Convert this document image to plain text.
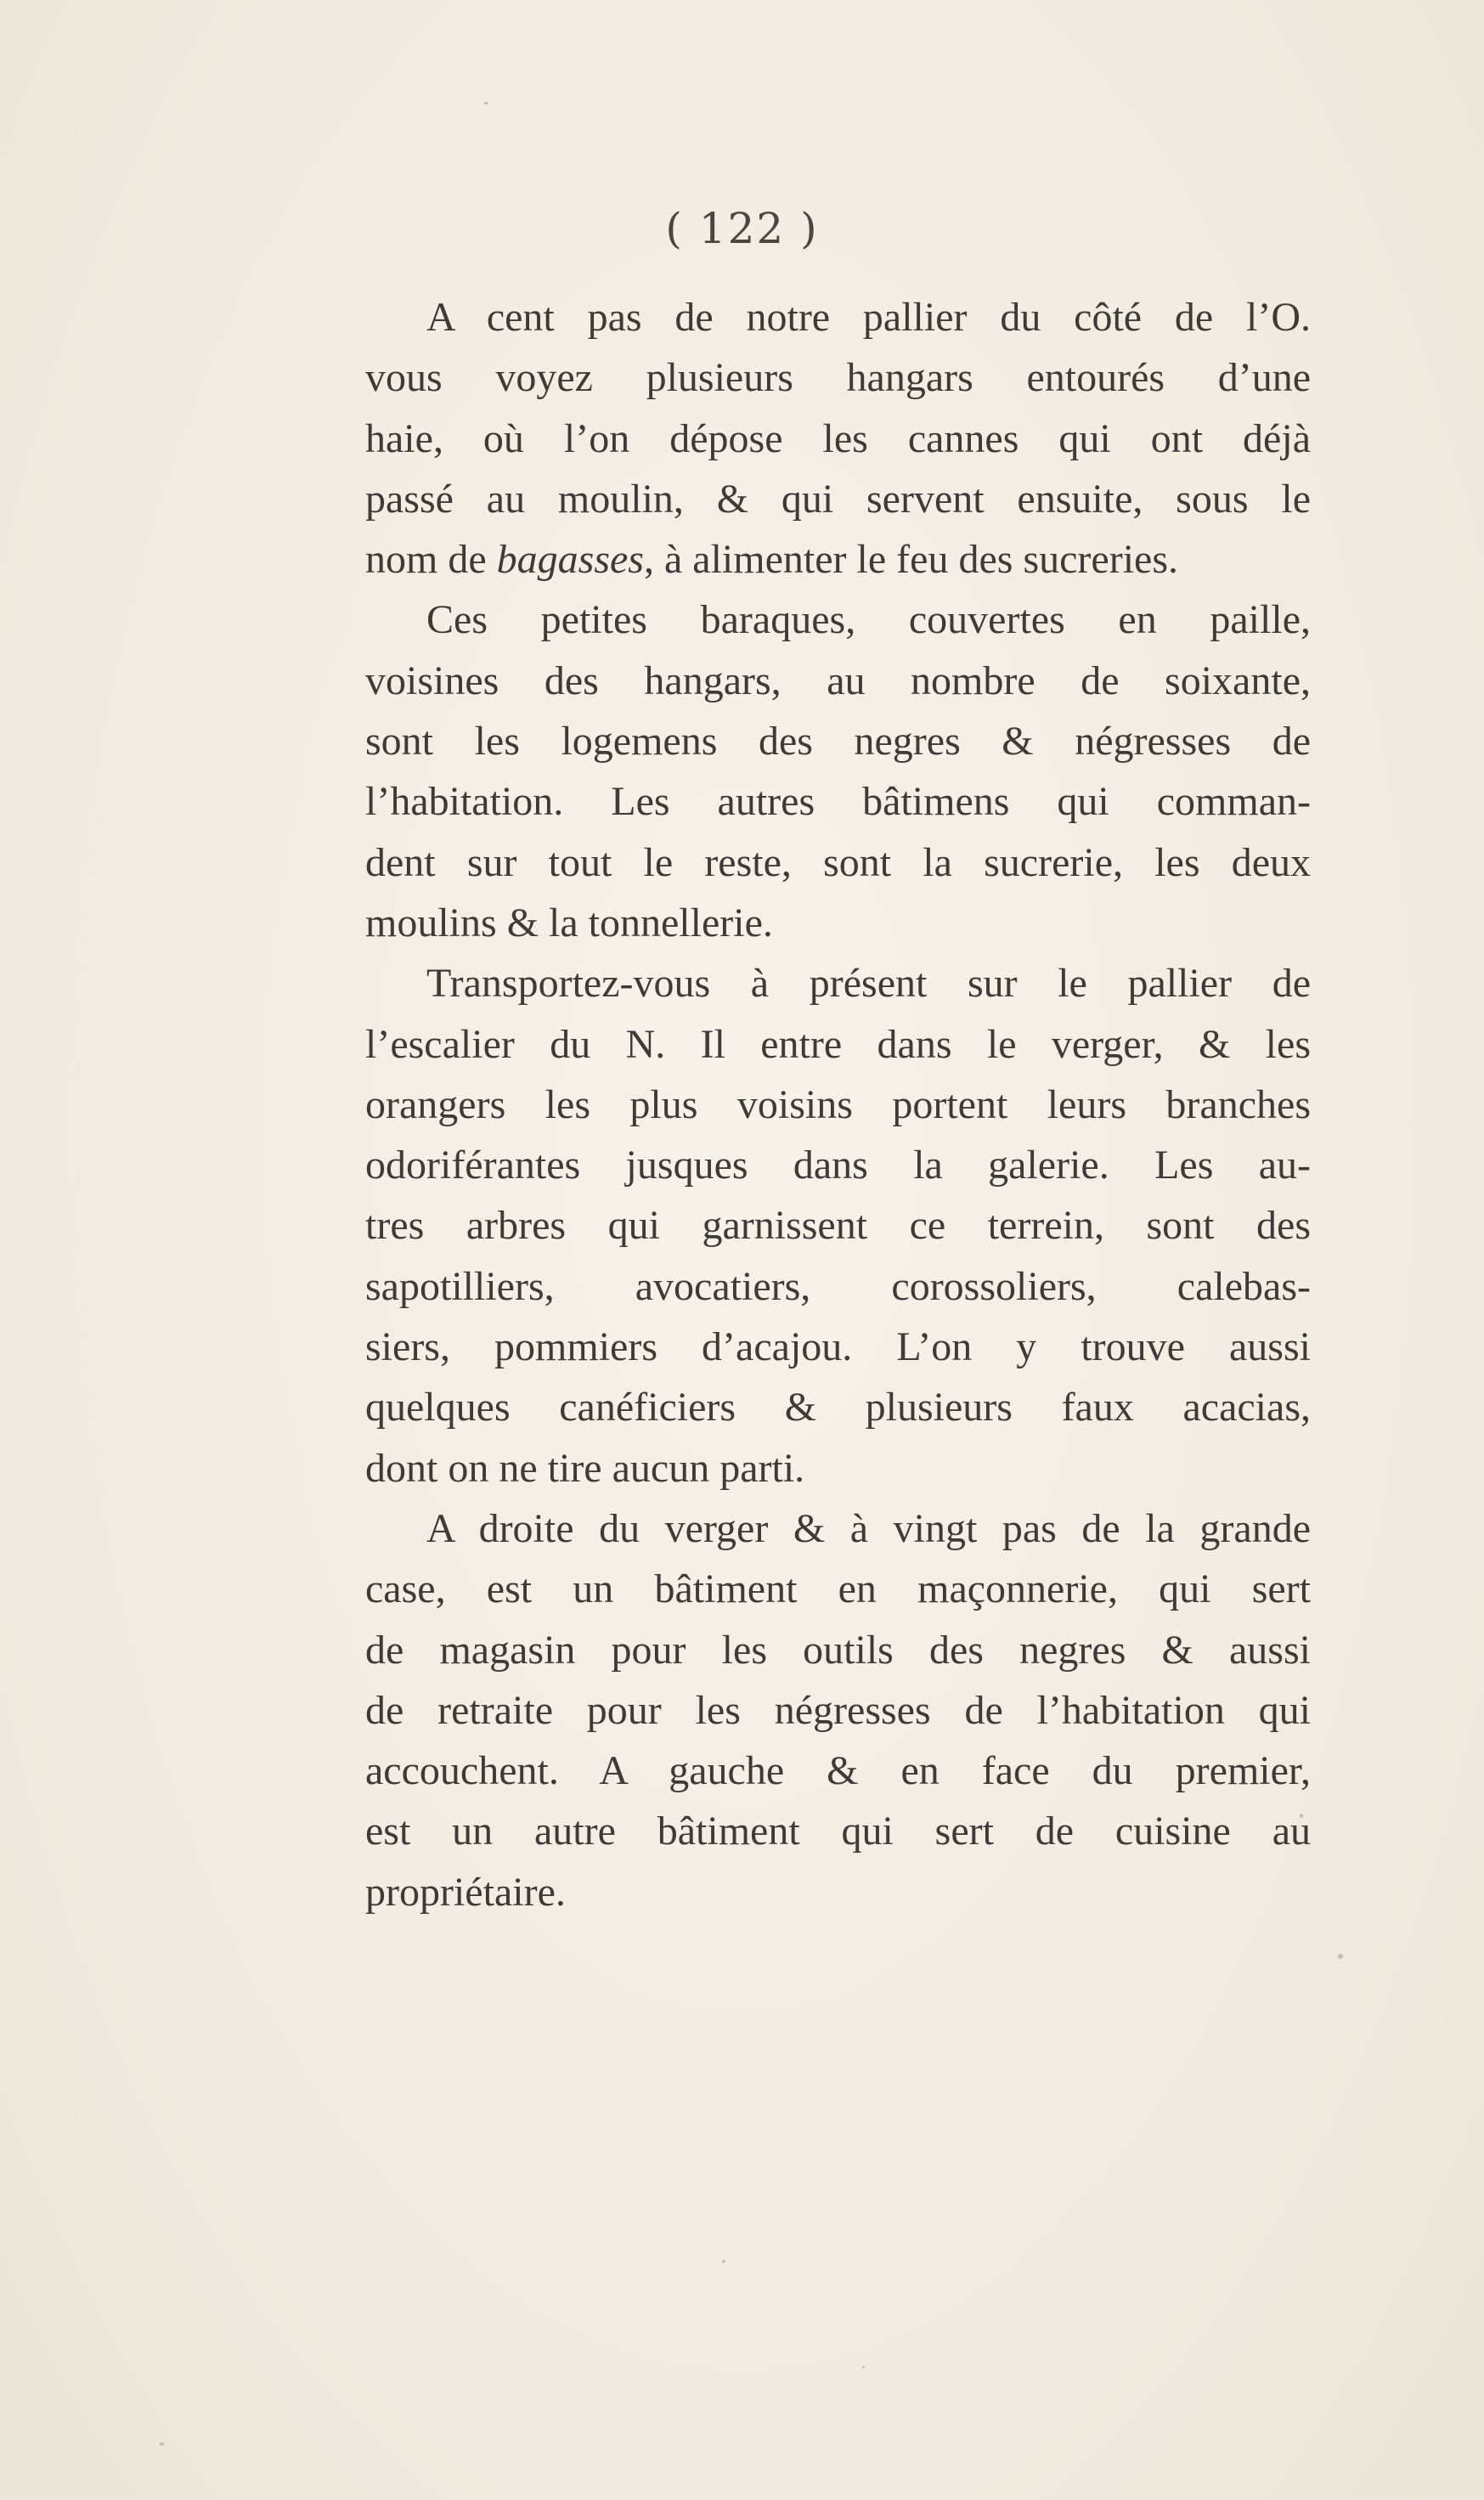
( 122 )
A cent pas de notre pallier du côté de l’O.
vous voyez plusieurs hangars entourés d’une
haie, où l’on dépose les cannes qui ont déjà
passé au moulin, & qui servent ensuite, sous le
nom de bagasses, à alimenter le feu des sucreries.
Ces petites baraques, couvertes en paille,
voisines des hangars, au nombre de soixante,
sont les logemens des negres & négresses de
l’habitation. Les autres bâtimens qui comman-
dent sur tout le reste, sont la sucrerie, les deux
moulins & la tonnellerie.
Transportez-vous à présent sur le pallier de
l’escalier du N. Il entre dans le verger, & les
orangers les plus voisins portent leurs branches
odoriférantes jusques dans la galerie. Les au-
tres arbres qui garnissent ce terrein, sont des
sapotilliers, avocatiers, corossoliers, calebas-
siers, pommiers d’acajou. L’on y trouve aussi
quelques canéficiers & plusieurs faux acacias,
dont on ne tire aucun parti.
A droite du verger & à vingt pas de la grande
case, est un bâtiment en maçonnerie, qui sert
de magasin pour les outils des negres & aussi
de retraite pour les négresses de l’habitation qui
accouchent. A gauche & en face du premier,
est un autre bâtiment qui sert de cuisine au
propriétaire.
